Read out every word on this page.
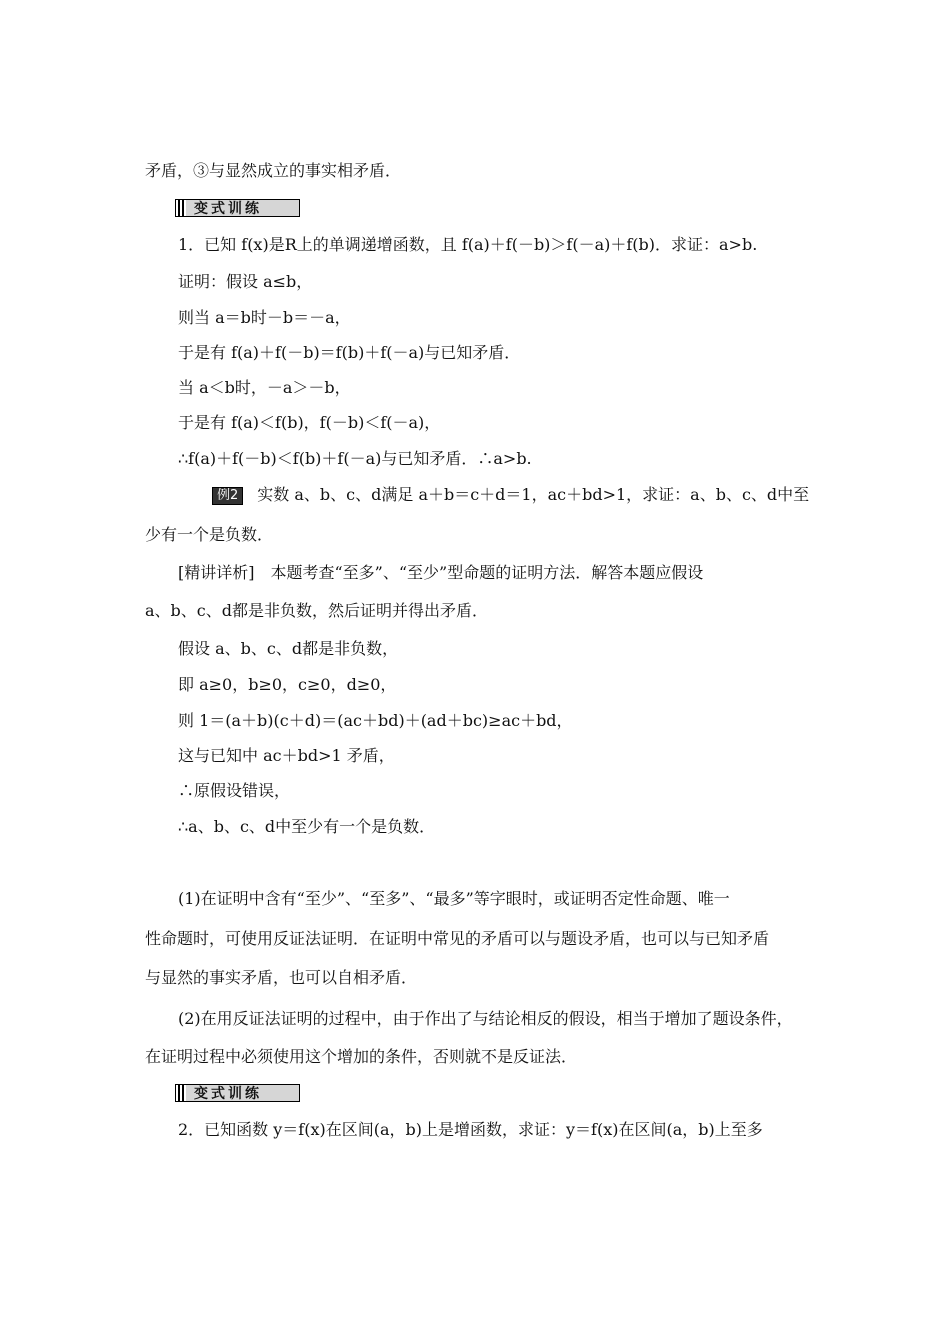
矛盾，③与显然成立的事实相矛盾．
变式训练
1．已知 f(x)是R上的单调递增函数，且 f(a)＋f(－b)＞f(－a)＋f(b)．求证：a>b.
证明：假设 a≤b，
则当 a＝b时－b＝－a，
于是有 f(a)＋f(－b)＝f(b)＋f(－a)与已知矛盾．
当 a＜b时，－a＞－b，
于是有 f(a)＜f(b)，f(－b)＜f(－a)，
∴f(a)＋f(－b)＜f(b)＋f(－a)与已知矛盾．∴a>b.
例2 实数 a、b、c、d满足 a＋b＝c＋d＝1，ac＋bd>1，求证：a、b、c、d中至
少有一个是负数．
[精讲详析]　本题考查“至多”、“至少”型命题的证明方法．解答本题应假设
a、b、c、d都是非负数，然后证明并得出矛盾．
假设 a、b、c、d都是非负数，
即 a≥0，b≥0，c≥0，d≥0，
则 1＝(a＋b)(c＋d)＝(ac＋bd)＋(ad＋bc)≥ac＋bd，
这与已知中 ac＋bd>1 矛盾，
∴原假设错误，
∴a、b、c、d中至少有一个是负数．
(1)在证明中含有“至少”、“至多”、“最多”等字眼时，或证明否定性命题、唯一
性命题时，可使用反证法证明．在证明中常见的矛盾可以与题设矛盾，也可以与已知矛盾
与显然的事实矛盾，也可以自相矛盾．
(2)在用反证法证明的过程中，由于作出了与结论相反的假设，相当于增加了题设条件，
在证明过程中必须使用这个增加的条件，否则就不是反证法．
变式训练
2．已知函数 y＝f(x)在区间(a，b)上是增函数，求证：y＝f(x)在区间(a，b)上至多
